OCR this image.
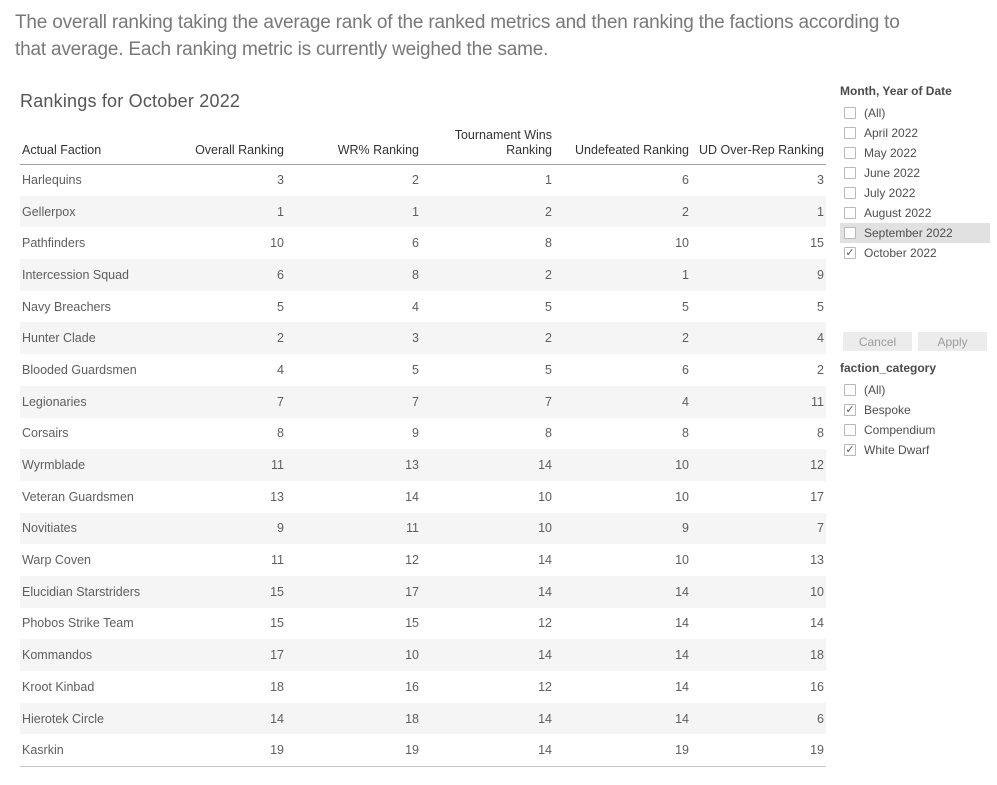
The overall ranking taking the average rank of the ranked metrics and then ranking the factions according to
that average. Each ranking metric is currently weighed the same.
Rankings for October 2022
Actual Faction	Overall Ranking	WR% Ranking	Tournament Wins Ranking	Undefeated Ranking	UD Over-Rep Ranking
Harlequins	3	2	1	6	3
Gellerpox	1	1	2	2	1
Pathfinders	10	6	8	10	15
Intercession Squad	6	8	2	1	9
Navy Breachers	5	4	5	5	5
Hunter Clade	2	3	2	2	4
Blooded Guardsmen	4	5	5	6	2
Legionaries	7	7	7	4	11
Corsairs	8	9	8	8	8
Wyrmblade	11	13	14	10	12
Veteran Guardsmen	13	14	10	10	17
Novitiates	9	11	10	9	7
Warp Coven	11	12	14	10	13
Elucidian Starstriders	15	17	14	14	10
Phobos Strike Team	15	15	12	14	14
Kommandos	17	10	14	14	18
Kroot Kinbad	18	16	12	14	16
Hierotek Circle	14	18	14	14	6
Kasrkin	19	19	14	19	19
Month, Year of Date
(All)
April 2022
May 2022
June 2022
July 2022
August 2022
September 2022
✓ October 2022
Cancel	Apply
faction_category
(All)
✓ Bespoke
Compendium
✓ White Dwarf
